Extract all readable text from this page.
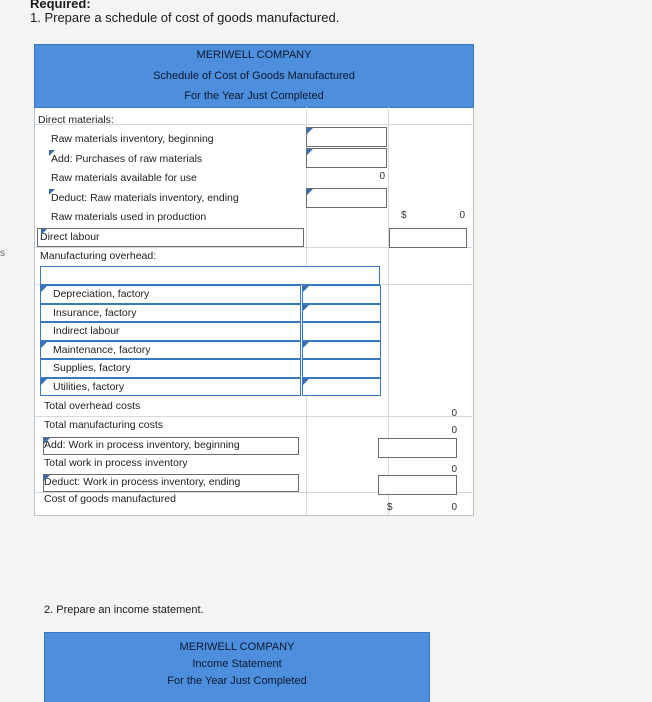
s
Required:
1. Prepare a schedule of cost of goods manufactured.
MERIWELL COMPANY
Schedule of Cost of Goods Manufactured
For the Year Just Completed
Direct materials:
Raw materials inventory, beginning
Add: Purchases of raw materials
Raw materials available for use
Deduct: Raw materials inventory, ending
Raw materials used in production
Direct labour
Manufacturing overhead:
Depreciation, factory
Insurance, factory
Indirect labour
Maintenance, factory
Supplies, factory
Utilities, factory
Total overhead costs
Total manufacturing costs
Add: Work in process inventory, beginning
Total work in process inventory
Deduct: Work in process inventory, ending
Cost of goods manufactured
0
$	0
0
0
0
$	0
2. Prepare an income statement.
MERIWELL COMPANY
Income Statement
For the Year Just Completed
